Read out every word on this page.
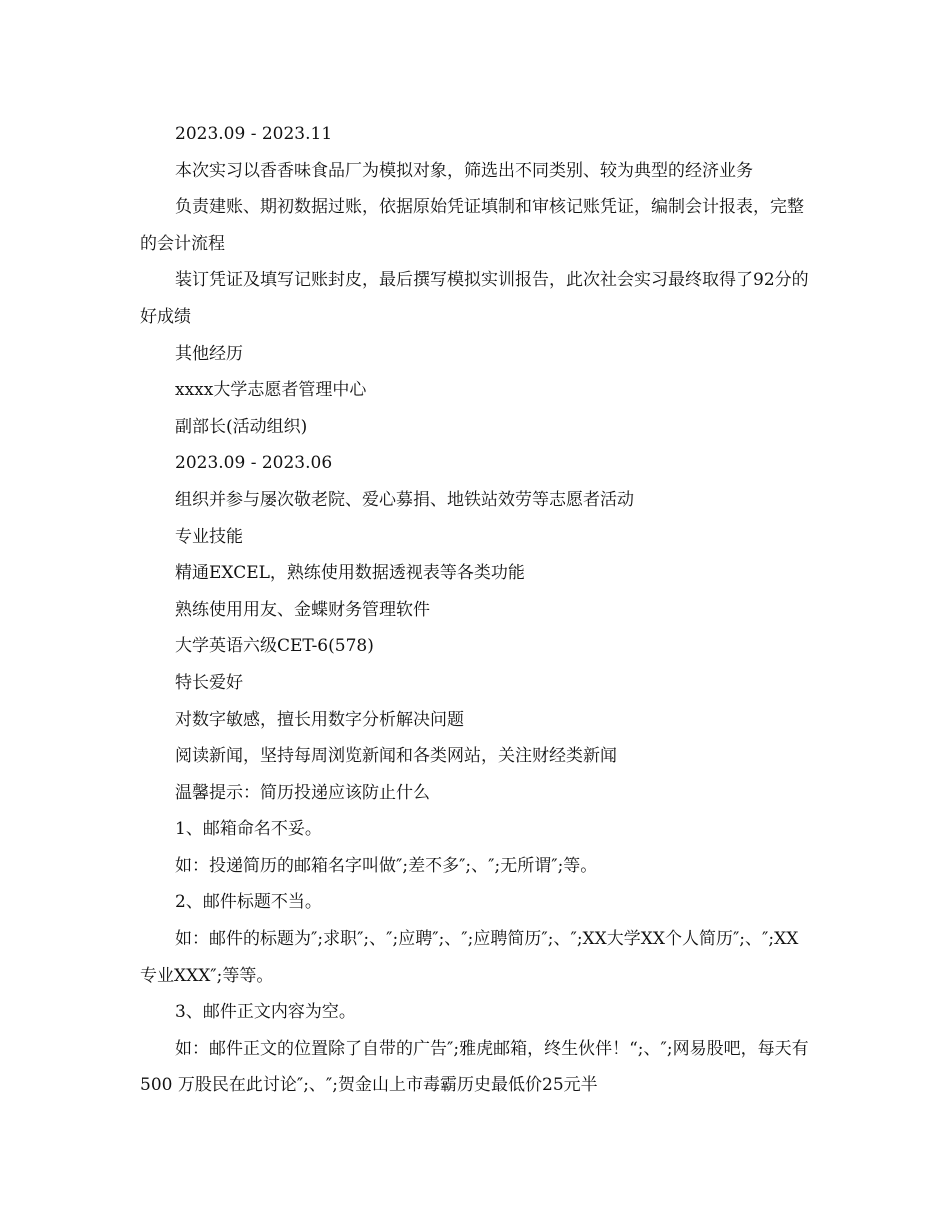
2023.09 - 2023.11

本次实习以香香味食品厂为模拟对象，筛选出不同类别、较为典型的经济业务

负责建账、期初数据过账，依据原始凭证填制和审核记账凭证，编制会计报表，完整的会计流程

装订凭证及填写记账封皮，最后撰写模拟实训报告，此次社会实习最终取得了92分的好成绩

其他经历

xxxx大学志愿者管理中心

副部长(活动组织)

2023.09 - 2023.06

组织并参与屡次敬老院、爱心募捐、地铁站效劳等志愿者活动

专业技能

精通EXCEL，熟练使用数据透视表等各类功能

熟练使用用友、金蝶财务管理软件

大学英语六级CET-6(578)

特长爱好

对数字敏感，擅长用数字分析解决问题

阅读新闻，坚持每周浏览新闻和各类网站，关注财经类新闻

温馨提示：简历投递应该防止什么

1、邮箱命名不妥。

如：投递简历的邮箱名字叫做″;差不多″;、″;无所谓″;等。

2、邮件标题不当。

如：邮件的标题为″;求职″;、″;应聘″;、″;应聘简历″;、″;XX大学XX个人简历″;、″;XX专业XXX″;等等。

3、邮件正文内容为空。

如：邮件正文的位置除了自带的广告″;雅虎邮箱，终生伙伴！“;、″;网易股吧，每天有500 万股民在此讨论″;、″;贺金山上市毒霸历史最低价25元半
